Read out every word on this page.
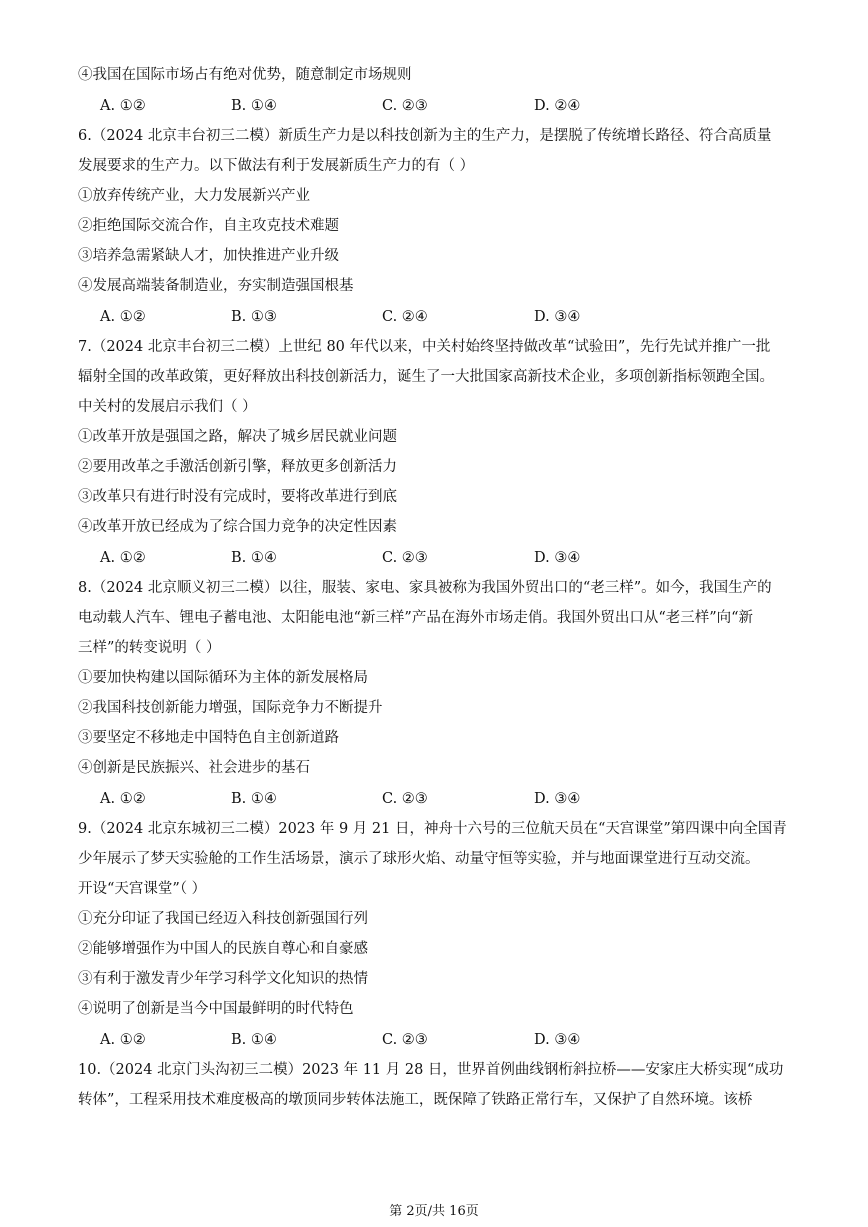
④我国在国际市场占有绝对优势，随意制定市场规则
A. ①②	B. ①④	C. ②③	D. ②④
6.（2024 北京丰台初三二模）新质生产力是以科技创新为主的生产力，是摆脱了传统增长路径、符合高质量
发展要求的生产力。以下做法有利于发展新质生产力的有（ ）
①放弃传统产业，大力发展新兴产业
②拒绝国际交流合作，自主攻克技术难题
③培养急需紧缺人才，加快推进产业升级
④发展高端装备制造业，夯实制造强国根基
A. ①②	B. ①③	C. ②④	D. ③④
7.（2024 北京丰台初三二模）上世纪 80 年代以来，中关村始终坚持做改革“试验田”，先行先试并推广一批
辐射全国的改革政策，更好释放出科技创新活力，诞生了一大批国家高新技术企业，多项创新指标领跑全国。
中关村的发展启示我们（ ）
①改革开放是强国之路，解决了城乡居民就业问题
②要用改革之手激活创新引擎，释放更多创新活力
③改革只有进行时没有完成时，要将改革进行到底
④改革开放已经成为了综合国力竞争的决定性因素
A. ①②	B. ①④	C. ②③	D. ③④
8.（2024 北京顺义初三二模）以往，服装、家电、家具被称为我国外贸出口的“老三样”。如今，我国生产的
电动载人汽车、锂电子蓄电池、太阳能电池“新三样”产品在海外市场走俏。我国外贸出口从“老三样”向“新
三样”的转变说明（ ）
①要加快构建以国际循环为主体的新发展格局
②我国科技创新能力增强，国际竞争力不断提升
③要坚定不移地走中国特色自主创新道路
④创新是民族振兴、社会进步的基石
A. ①②	B. ①④	C. ②③	D. ③④
9.（2024 北京东城初三二模）2023 年 9 月 21 日，神舟十六号的三位航天员在“天宫课堂”第四课中向全国青
少年展示了梦天实验舱的工作生活场景，演示了球形火焰、动量守恒等实验，并与地面课堂进行互动交流。
开设“天宫课堂”（ ）
①充分印证了我国已经迈入科技创新强国行列
②能够增强作为中国人的民族自尊心和自豪感
③有利于激发青少年学习科学文化知识的热情
④说明了创新是当今中国最鲜明的时代特色
A. ①②	B. ①④	C. ②③	D. ③④
10.（2024 北京门头沟初三二模）2023 年 11 月 28 日，世界首例曲线钢桁斜拉桥——安家庄大桥实现“成功
转体”，工程采用技术难度极高的墩顶同步转体法施工，既保障了铁路正常行车，又保护了自然环境。该桥
第 2页/共 16页
